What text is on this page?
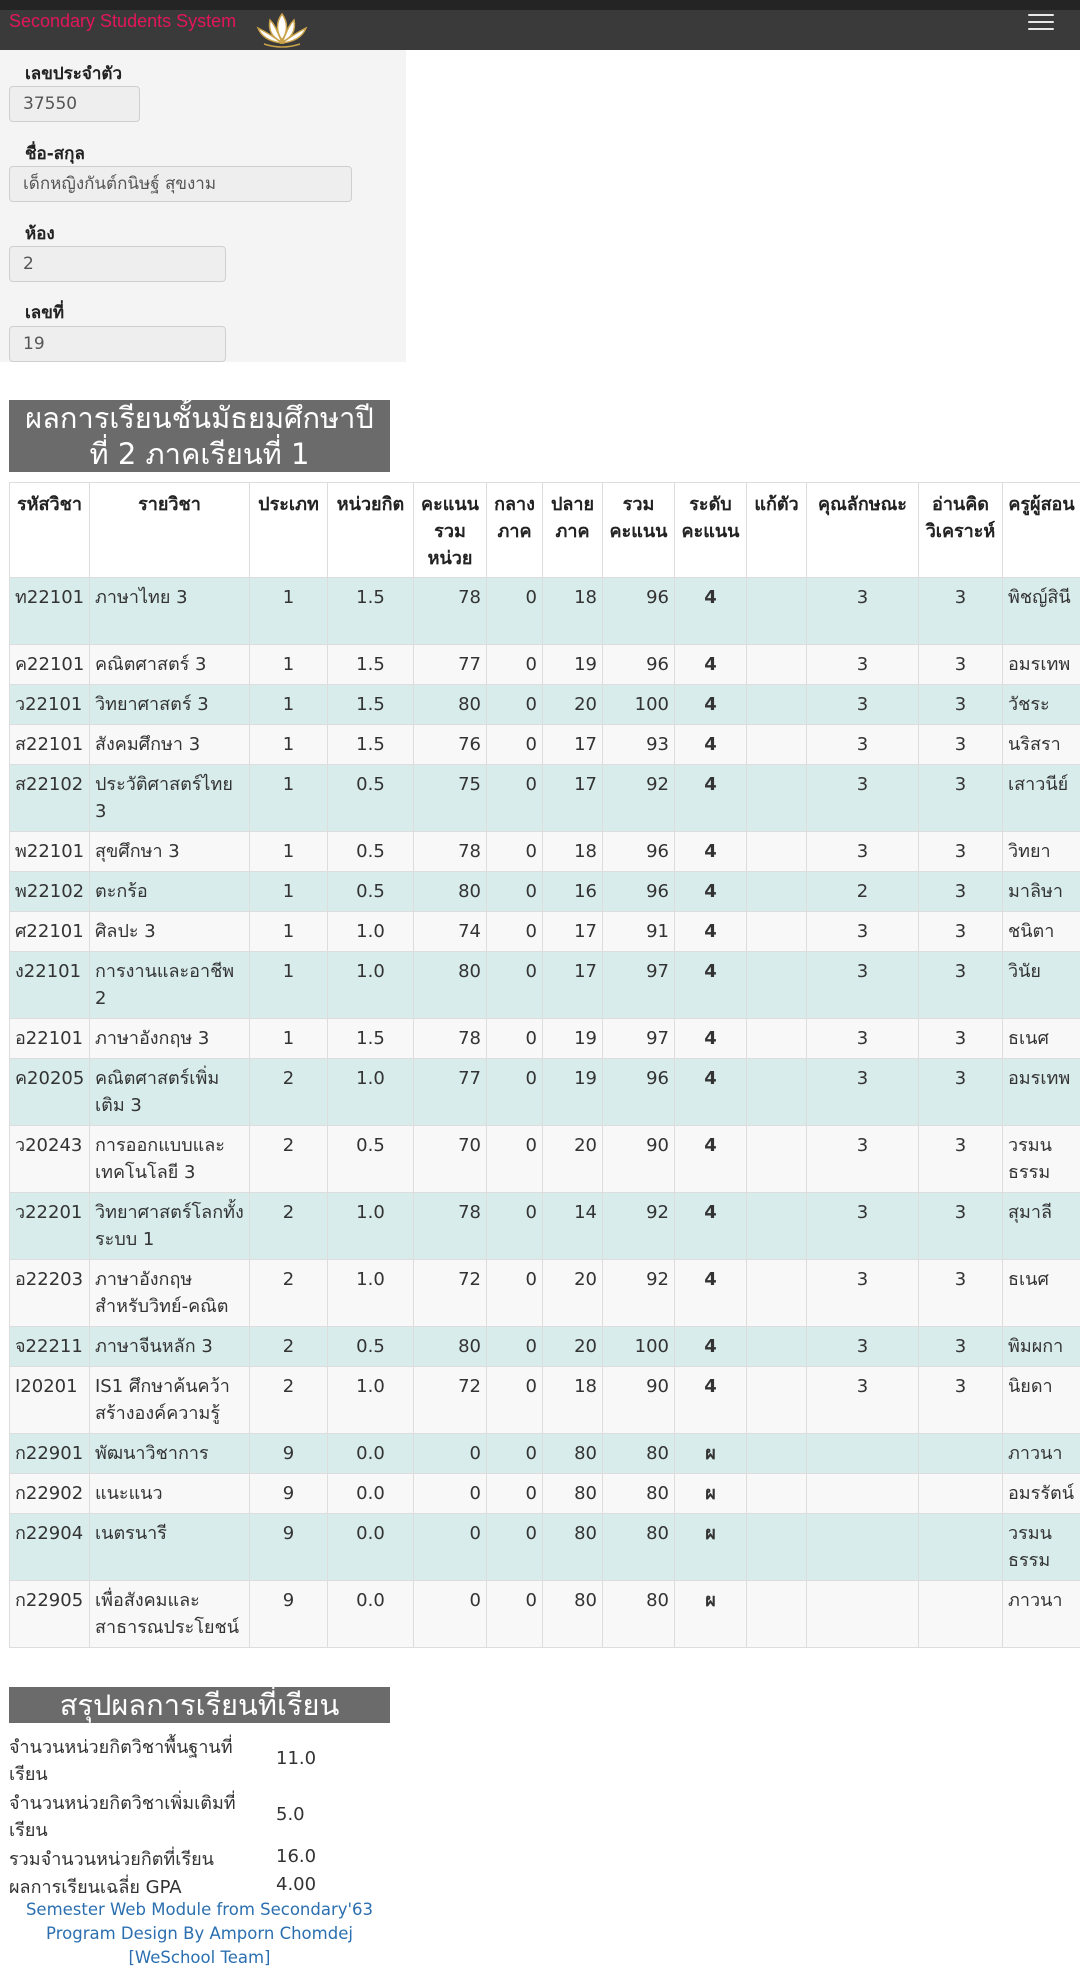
Secondary Students System
เลขประจำตัว
37550
ชื่อ-สกุล
เด็กหญิงกันต์กนิษฐ์ สุขงาม
ห้อง
2
เลขที่
19
ผลการเรียนชั้นมัธยมศึกษาปี
ที่ 2 ภาคเรียนที่ 1
รหัสวิชา	รายวิชา	ประเภท	หน่วยกิต	คะแนนรวมหน่วย	กลางภาค	ปลายภาค	รวมคะแนน	ระดับคะแนน	แก้ตัว	คุณลักษณะ	อ่านคิดวิเคราะห์	ครูผู้สอน
ท22101	ภาษาไทย 3	1	1.5	78	0	18	96	4		3	3	พิชญ์สินี
ค22101	คณิตศาสตร์ 3	1	1.5	77	0	19	96	4		3	3	อมรเทพ
ว22101	วิทยาศาสตร์ 3	1	1.5	80	0	20	100	4		3	3	วัชระ
ส22101	สังคมศึกษา 3	1	1.5	76	0	17	93	4		3	3	นริสรา
ส22102	ประวัติศาสตร์ไทย 3	1	0.5	75	0	17	92	4		3	3	เสาวนีย์
พ22101	สุขศึกษา 3	1	0.5	78	0	18	96	4		3	3	วิทยา
พ22102	ตะกร้อ	1	0.5	80	0	16	96	4		2	3	มาลิษา
ศ22101	ศิลปะ 3	1	1.0	74	0	17	91	4		3	3	ชนิตา
ง22101	การงานและอาชีพ 2	1	1.0	80	0	17	97	4		3	3	วินัย
อ22101	ภาษาอังกฤษ 3	1	1.5	78	0	19	97	4		3	3	ธเนศ
ค20205	คณิตศาสตร์เพิ่มเติม 3	2	1.0	77	0	19	96	4		3	3	อมรเทพ
ว20243	การออกแบบและเทคโนโลยี 3	2	0.5	70	0	20	90	4		3	3	วรมนธรรม
ว22201	วิทยาศาสตร์โลกทั้งระบบ 1	2	1.0	78	0	14	92	4		3	3	สุมาลี
อ22203	ภาษาอังกฤษสำหรับวิทย์-คณิต	2	1.0	72	0	20	92	4		3	3	ธเนศ
จ22211	ภาษาจีนหลัก 3	2	0.5	80	0	20	100	4		3	3	พิมผกา
I20201	IS1 ศึกษาค้นคว้าสร้างองค์ความรู้	2	1.0	72	0	18	90	4		3	3	นิยดา
ก22901	พัฒนาวิชาการ	9	0.0	0	0	80	80	ผ				ภาวนา
ก22902	แนะแนว	9	0.0	0	0	80	80	ผ				อมรรัตน์
ก22904	เนตรนารี	9	0.0	0	0	80	80	ผ				วรมนธรรม
ก22905	เพื่อสังคมและสาธารณประโยชน์	9	0.0	0	0	80	80	ผ				ภาวนา
สรุปผลการเรียนที่เรียน
จำนวนหน่วยกิตวิชาพื้นฐานที่เรียน
11.0
จำนวนหน่วยกิตวิชาเพิ่มเติมที่เรียน
5.0
รวมจำนวนหน่วยกิตที่เรียน	16.0
ผลการเรียนเฉลี่ย GPA	4.00
Semester Web Module from Secondary'63
Program Design By Amporn Chomdej [WeSchool Team]
